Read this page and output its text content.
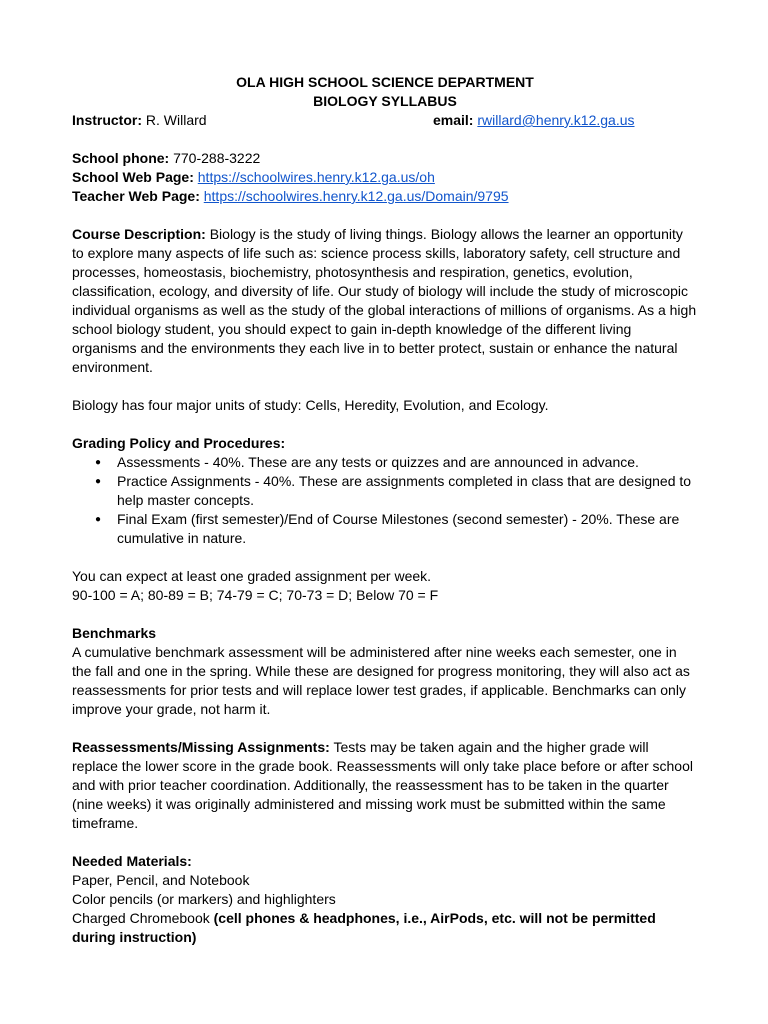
OLA HIGH SCHOOL SCIENCE DEPARTMENT
BIOLOGY SYLLABUS
Instructor: R. Willard	email: rwillard@henry.k12.ga.us
School phone: 770-288-3222
School Web Page: https://schoolwires.henry.k12.ga.us/oh
Teacher Web Page: https://schoolwires.henry.k12.ga.us/Domain/9795

Course Description: Biology is the study of living things. Biology allows the learner an opportunity to explore many aspects of life such as: science process skills, laboratory safety, cell structure and processes, homeostasis, biochemistry, photosynthesis and respiration, genetics, evolution, classification, ecology, and diversity of life. Our study of biology will include the study of microscopic individual organisms as well as the study of the global interactions of millions of organisms. As a high school biology student, you should expect to gain in-depth knowledge of the different living organisms and the environments they each live in to better protect, sustain or enhance the natural environment.

Biology has four major units of study: Cells, Heredity, Evolution, and Ecology.

Grading Policy and Procedures:
● Assessments - 40%. These are any tests or quizzes and are announced in advance.
● Practice Assignments - 40%. These are assignments completed in class that are designed to help master concepts.
● Final Exam (first semester)/End of Course Milestones (second semester) - 20%. These are cumulative in nature.

You can expect at least one graded assignment per week.

90-100 = A; 80-89 = B; 74-79 = C; 70-73 = D; Below 70 = F

Benchmarks

A cumulative benchmark assessment will be administered after nine weeks each semester, one in the fall and one in the spring. While these are designed for progress monitoring, they will also act as reassessments for prior tests and will replace lower test grades, if applicable. Benchmarks can only improve your grade, not harm it.

Reassessments/Missing Assignments: Tests may be taken again and the higher grade will replace the lower score in the grade book. Reassessments will only take place before or after school and with prior teacher coordination. Additionally, the reassessment has to be taken in the quarter (nine weeks) it was originally administered and missing work must be submitted within the same timeframe.

Needed Materials:
Paper, Pencil, and Notebook
Color pencils (or markers) and highlighters
Charged Chromebook (cell phones & headphones, i.e., AirPods, etc. will not be permitted during instruction)
